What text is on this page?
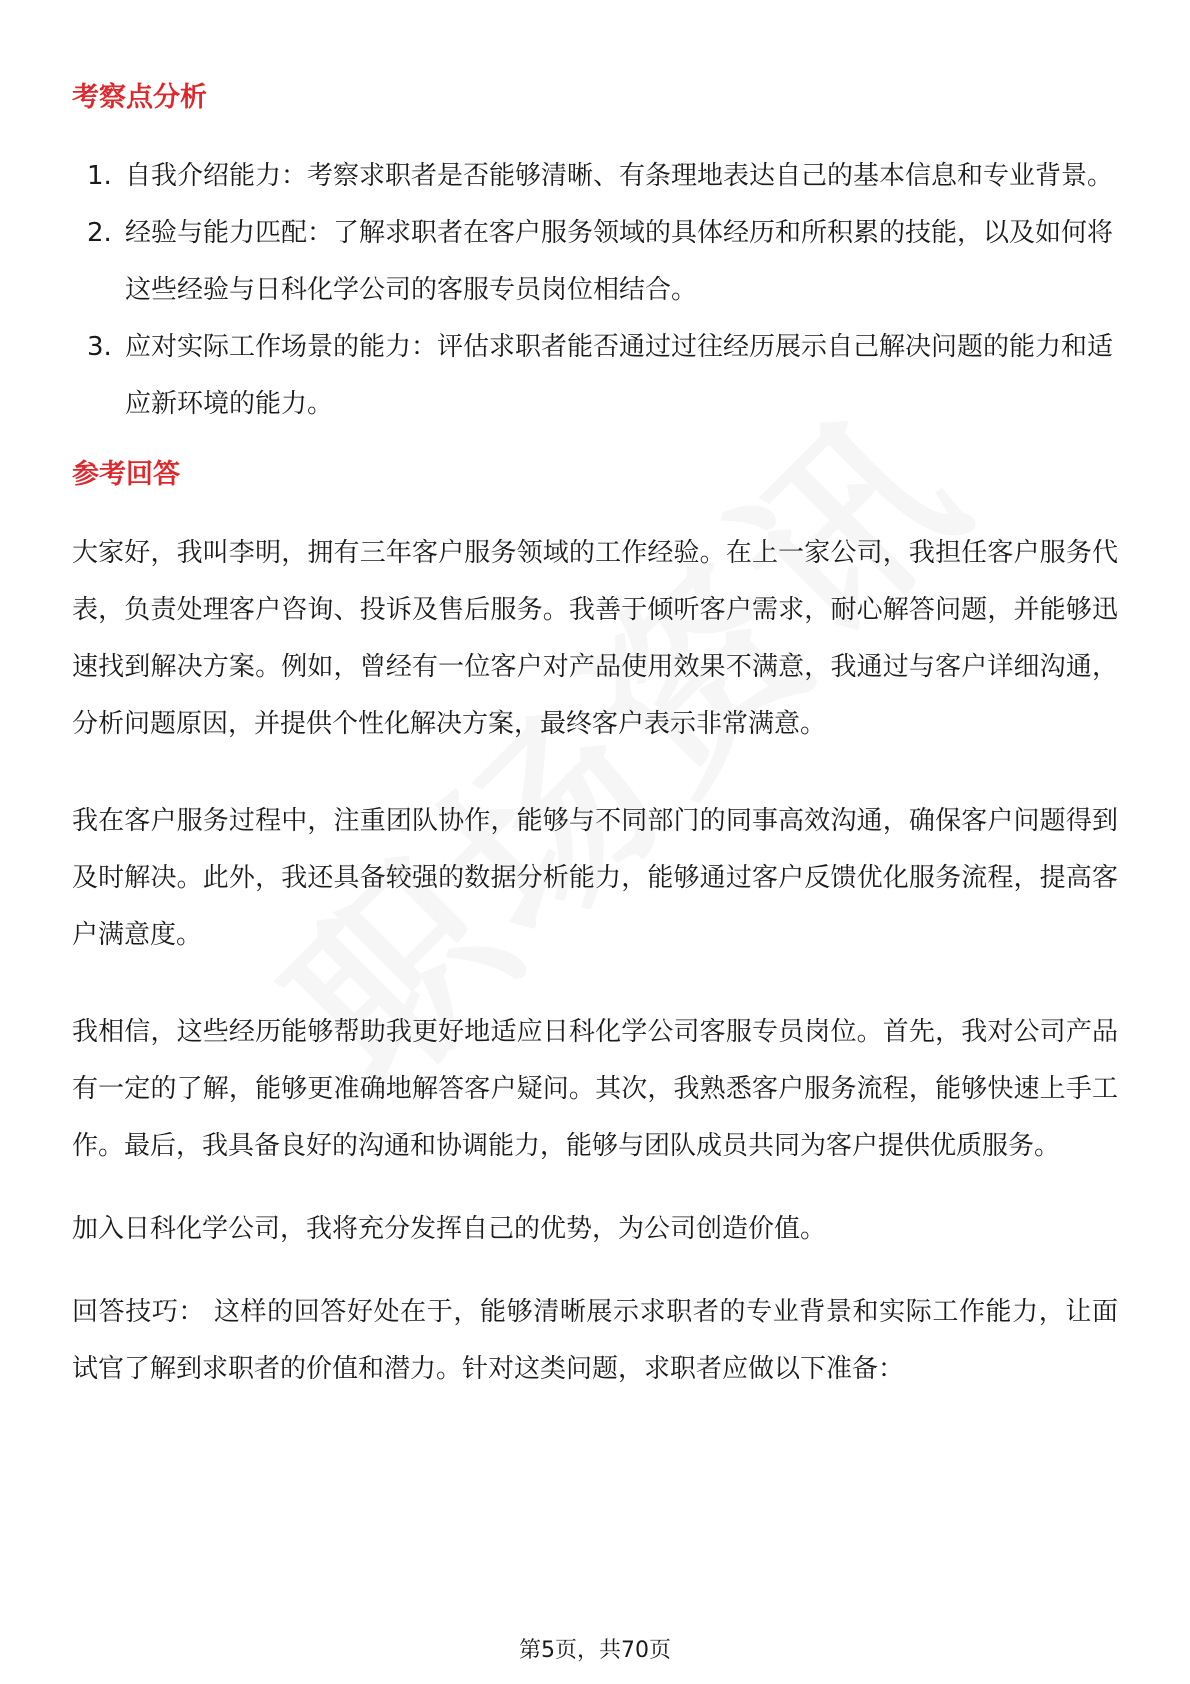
考察点分析
1. 自我介绍能力：考察求职者是否能够清晰、有条理地表达自己的基本信息和专业背景。
2. 经验与能力匹配：了解求职者在客户服务领域的具体经历和所积累的技能，以及如何将这些经验与日科化学公司的客服专员岗位相结合。
3. 应对实际工作场景的能力：评估求职者能否通过过往经历展示自己解决问题的能力和适应新环境的能力。
参考回答

大家好，我叫李明，拥有三年客户服务领域的工作经验。在上一家公司，我担任客户服务代表，负责处理客户咨询、投诉及售后服务。我善于倾听客户需求，耐心解答问题，并能够迅速找到解决方案。例如，曾经有一位客户对产品使用效果不满意，我通过与客户详细沟通，分析问题原因，并提供个性化解决方案，最终客户表示非常满意。

我在客户服务过程中，注重团队协作，能够与不同部门的同事高效沟通，确保客户问题得到及时解决。此外，我还具备较强的数据分析能力，能够通过客户反馈优化服务流程，提高客户满意度。

我相信，这些经历能够帮助我更好地适应日科化学公司客服专员岗位。首先，我对公司产品有一定的了解，能够更准确地解答客户疑问。其次，我熟悉客户服务流程，能够快速上手工作。最后，我具备良好的沟通和协调能力，能够与团队成员共同为客户提供优质服务。

加入日科化学公司，我将充分发挥自己的优势，为公司创造价值。

回答技巧： 这样的回答好处在于，能够清晰展示求职者的专业背景和实际工作能力，让面试官了解到求职者的价值和潜力。针对这类问题，求职者应做以下准备：

第5页，共70页
